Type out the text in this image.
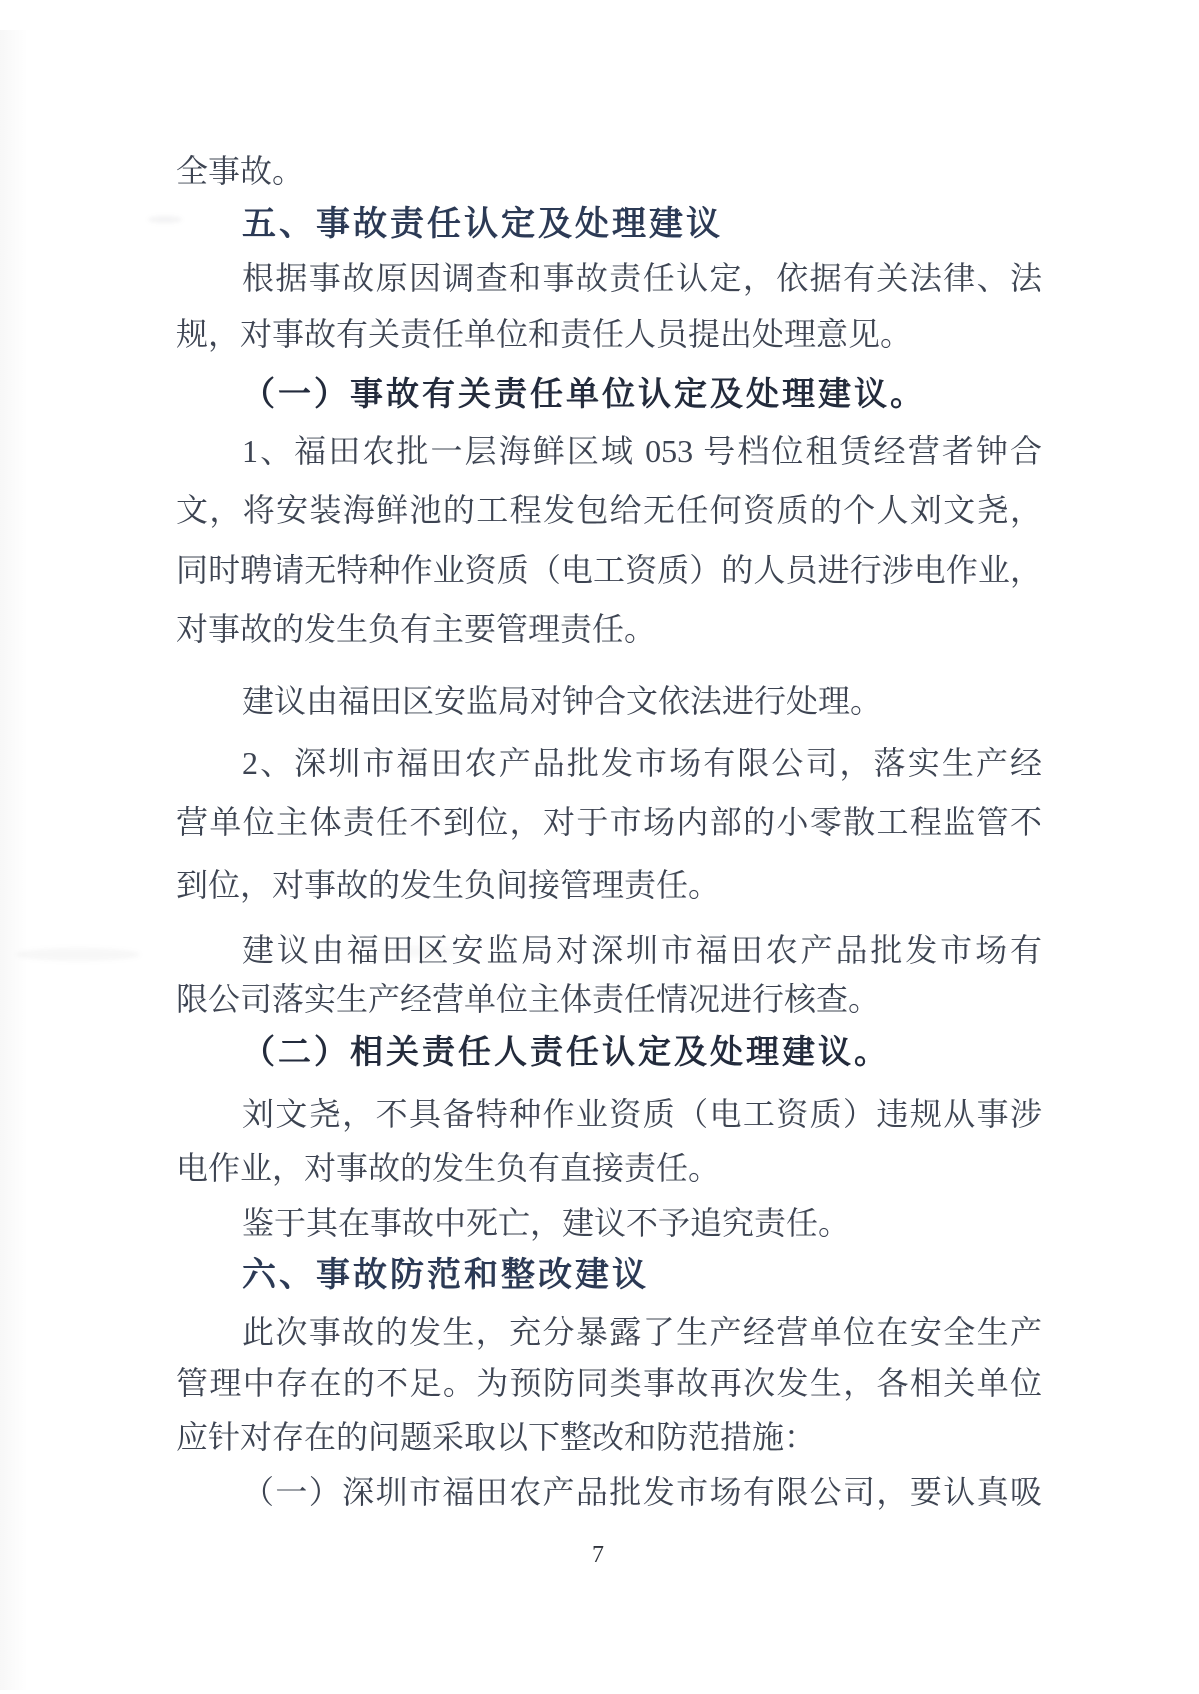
全事故。
五、事故责任认定及处理建议
根据事故原因调查和事故责任认定，依据有关法律、法
规，对事故有关责任单位和责任人员提出处理意见。
（一）事故有关责任单位认定及处理建议。
1、福田农批一层海鲜区域 053 号档位租赁经营者钟合
文，将安装海鲜池的工程发包给无任何资质的个人刘文尧，
同时聘请无特种作业资质（电工资质）的人员进行涉电作业，
对事故的发生负有主要管理责任。
建议由福田区安监局对钟合文依法进行处理。
2、深圳市福田农产品批发市场有限公司，落实生产经
营单位主体责任不到位，对于市场内部的小零散工程监管不
到位，对事故的发生负间接管理责任。
建议由福田区安监局对深圳市福田农产品批发市场有
限公司落实生产经营单位主体责任情况进行核查。
（二）相关责任人责任认定及处理建议。
刘文尧，不具备特种作业资质（电工资质）违规从事涉
电作业，对事故的发生负有直接责任。
鉴于其在事故中死亡，建议不予追究责任。
六、事故防范和整改建议
此次事故的发生，充分暴露了生产经营单位在安全生产
管理中存在的不足。为预防同类事故再次发生，各相关单位
应针对存在的问题采取以下整改和防范措施：
（一）深圳市福田农产品批发市场有限公司，要认真吸
7
